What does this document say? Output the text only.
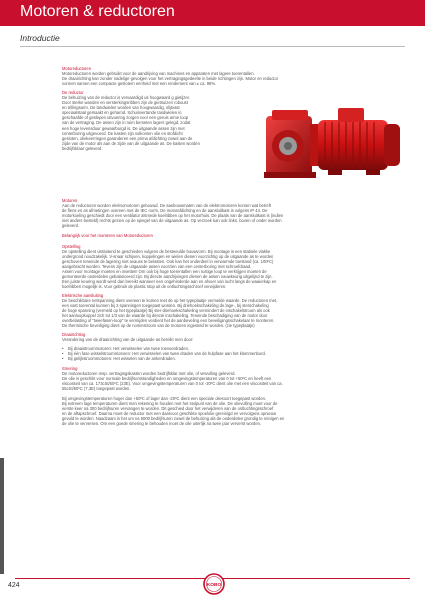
Motoren & reductoren
Introductie

Motoreductoren

Motoreductoren worden gebruikt voor de aandrijving van machines en apparaten met lagere toerentallen.

De draairichting kan zonder nadelige gevolgen voor het vertragingsgedeelte in beide richtingen zijn. Motor en reductor

vormen samen een compacte geslotern eenheid met een rendement van ± ca. 98%.

De reductor

De behuizing van de reductor is vervaardigd uit hoogwaard g gietijzer.

Door sterke wanden en versterkingsribben zijn de gietnuizen robuust

en trillingsarm. De tandwielen worden van hoogwaardig, slijtvast

speciaalstaal gemaakt en geharnd. Schuinvertande tandwielen in

geschaafde of geslepen uitvoering zorgen voor een geruis arme loop

van de vertraging. De assen zijn in ruim bemeten lagers gelegd, zodat

een hoge levensduur gewaarborgd is. De uitgaande assen zijn met

centerboring uitgevoerd. De kasten zijn volkomen olie en stofdicht

gesloten, oliekeerringen garanderen een prima afdichting zowel aan de

zijde van de motor als aan de zijde van de uitgaande as. De kasten worden

bedrijfsklaar geleverd.

Motoren

Aan de reductoren worden elektromotoren gebouwd. De aanbouwmaten van de elektromotoren komen wat betreft

de flens en as afmetingen overeen met de IEC norm. De motorafdichting en de aansluitkast is volgens IP 44. De

motorkoeling geschiedt door een ventilator alsmede koelribben op het motorhuis. De plaats van de aansluitkast is (indien

niet anders besteld) rechts gezien op de spiegel van de uitgaande as. Op verzoek kan ook links, boven of onder worden

geleverd.

Belangrijk voor het monteren van Motoreductoren

Opstelling

De opstelling dient uitsluitend te geschieden volgens de besteeulde bouwvorm. Bij montage is een stabiele vlakke

ondergrond noodzakelijk. V-snaar schijven, koppelingen en wielen dienen voorzichtig op de uitgaande as te worden

geschoven teneinde de lagering niet avauss te belasten. Ook kan het onderdeel in verwarmde toestand (ca. 100ºC)

aangebracht worden. Tevens zijn de uitgaande assen voorzien van een centerboring met schroefdraad.

Assen voor montage moeten en invetten! Om ook bij hoge toerentallen een rustige loop te verkrijgen moeten de

gemonteerde onderdelen gebalanceerd zijn. Bij directe aandrijvingen dienen de assen nauwkeurig uitgelijnd te zijn.

Een juiste keuring wordt werd dan bereikt wanneer een ongehinderde aan en afvoer van lucht langs de waaierkap en

koelribben mogelijk is. Voor gebruik de plastic stop uit de ontluchtingsschroef verwijderen.

Elektrische aansluiting

De beschikbare netspanning dient overeen te komen met de op het typeplaatje vermelde waarde. De reductoren met,

een vast toerental kunnen bij 2 spanningen toegepast worden. Bij driehoekschakeling de lage-, bij sterschakeling

de hoge spanning (vermeld op het typeplaatje) Bij ster-driehoekschakeling vermindert de inschakelstroom als ook

het aanloopkoppel zich tot 1/3 van de waarde bij directe inschakeling. Teneinde beschadiging van de motor door

overbelasting of "tweefasen-loop" te vermijden verdient het de aanbeveling een beveiligingsschakelaar te monteren.

De thermische beveiliging dient op de nominstroom van de motoren ingesteld te worden. (zie typeplaatje)

Draairichting

Verandering van de draairichting van de uitgaande as bereikt men door:

• Bij draaistroommotoren: Het verwisselen van twee toevoerdraden.
• Bij één fase wisselstroommotoren: Het verwisselen van twee draden van de hulpfase aan het klemmenbord.
• Bij gelijkstroommotoren: Het wisselen van de ankerdraden.

Smering

De motoreductoren resp. vertragingskasten worden bedrijfsklar met olie, of vetvulling geleverd.

De olie is geschikt voor normale bedrijfsomstandigheden en omgevingstemperaturen van 0 tot +50ºC en heeft een

viscositeit van ca. 173cSt/50ºC (23E). Voor omgevingstemperaturen van 0 tot -20ºC dient olie met een viscositeit van ca.

55cSt/50ºC (7,3E) toegepast worden.

Bij omgevingstemperaturen hoger dan +50ºC of lager dan -20ºC dient een speciale oliesoort toegepast worden.

Bij extreem lage temperaturen dient men rekening te houden met het stolpunt van de olie. De olievulling moet voor de

eerste keer na 300 bedrijfsuren vervangen te worden. Dit geschied door het verwijderen van de ontluchtingsschroef

en de aftapschroef. Daarna moet de reductor met een daarvoor geschikte spoelolie gereinigd en vervolgens opnieuw

gevuld te worden. Naadzaam is het om na 5000 bedrijfsuren zowel de behuizing als de onderdelen grondig te reinigen en

de olie te verversen. Om een goede smering te behouden moet de olie uiterlijk na twee jaar ververst worden.

424	KOBO
